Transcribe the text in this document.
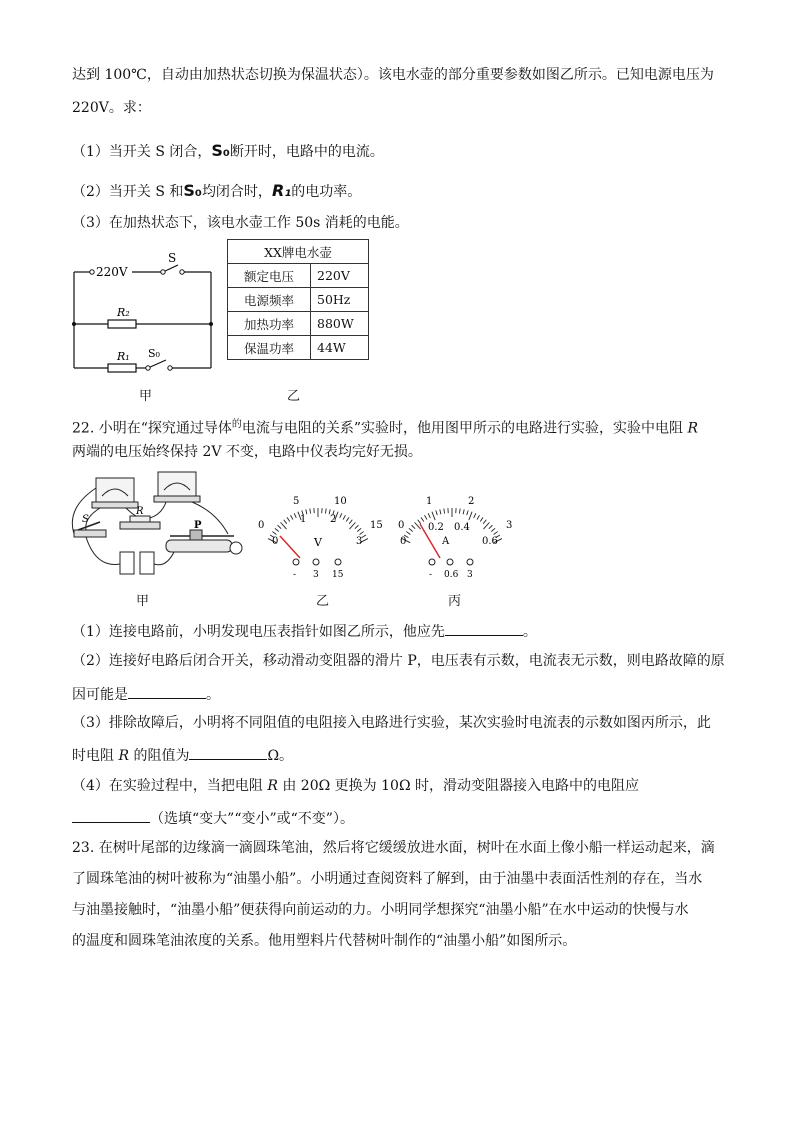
达到 100℃，自动由加热状态切换为保温状态）。该电水壶的部分重要参数如图乙所示。已知电源电压为
220V。求：
（1）当开关 S 闭合，S₀断开时，电路中的电流。
（2）当开关 S 和S₀均闭合时，R₁的电功率。
（3）在加热状态下，该电水壶工作 50s 消耗的电能。
220V
S
R₂
R₁ S₀
甲
XX牌电水壶	
额定电压	220V
电源频率	50Hz
加热功率	880W
保温功率	44W
乙
22. 小明在“探究通过导体$^的$电流与电阻的关系”实验时，他用图甲所示的电路进行实验，实验中电阻 R
两端的电压始终保持 2V 不变，电路中仪表均完好无损。
S
R
P	0
5	10
15
0
1 2
3
V
- 3 15
0
1	2
3
0
0.2 0.4
0.6
A
- 0.6 3
甲	乙	丙
（1）连接电路前，小明发现电压表指针如图乙所示，他应先	。
（2）连接好电路后闭合开关，移动滑动变阻器的滑片 P，电压表有示数，电流表无示数，则电路故障的原
因可能是	。
（3）排除故障后，小明将不同阻值的电阻接入电路进行实验，某次实验时电流表的示数如图丙所示，此
时电阻 R 的阻值为	Ω。
（4）在实验过程中，当把电阻 R 由 20Ω 更换为 10Ω 时，滑动变阻器接入电路中的电阻应
（选填“变大”“变小”或“不变”）。
23. 在树叶尾部的边缘滴一滴圆珠笔油，然后将它缓缓放进水面，树叶在水面上像小船一样运动起来，滴
了圆珠笔油的树叶被称为“油墨小船”。小明通过查阅资料了解到，由于油墨中表面活性剂的存在，当水
与油墨接触时，“油墨小船”便获得向前运动的力。小明同学想探究“油墨小船”在水中运动的快慢与水
的温度和圆珠笔油浓度的关系。他用塑料片代替树叶制作的“油墨小船”如图所示。
